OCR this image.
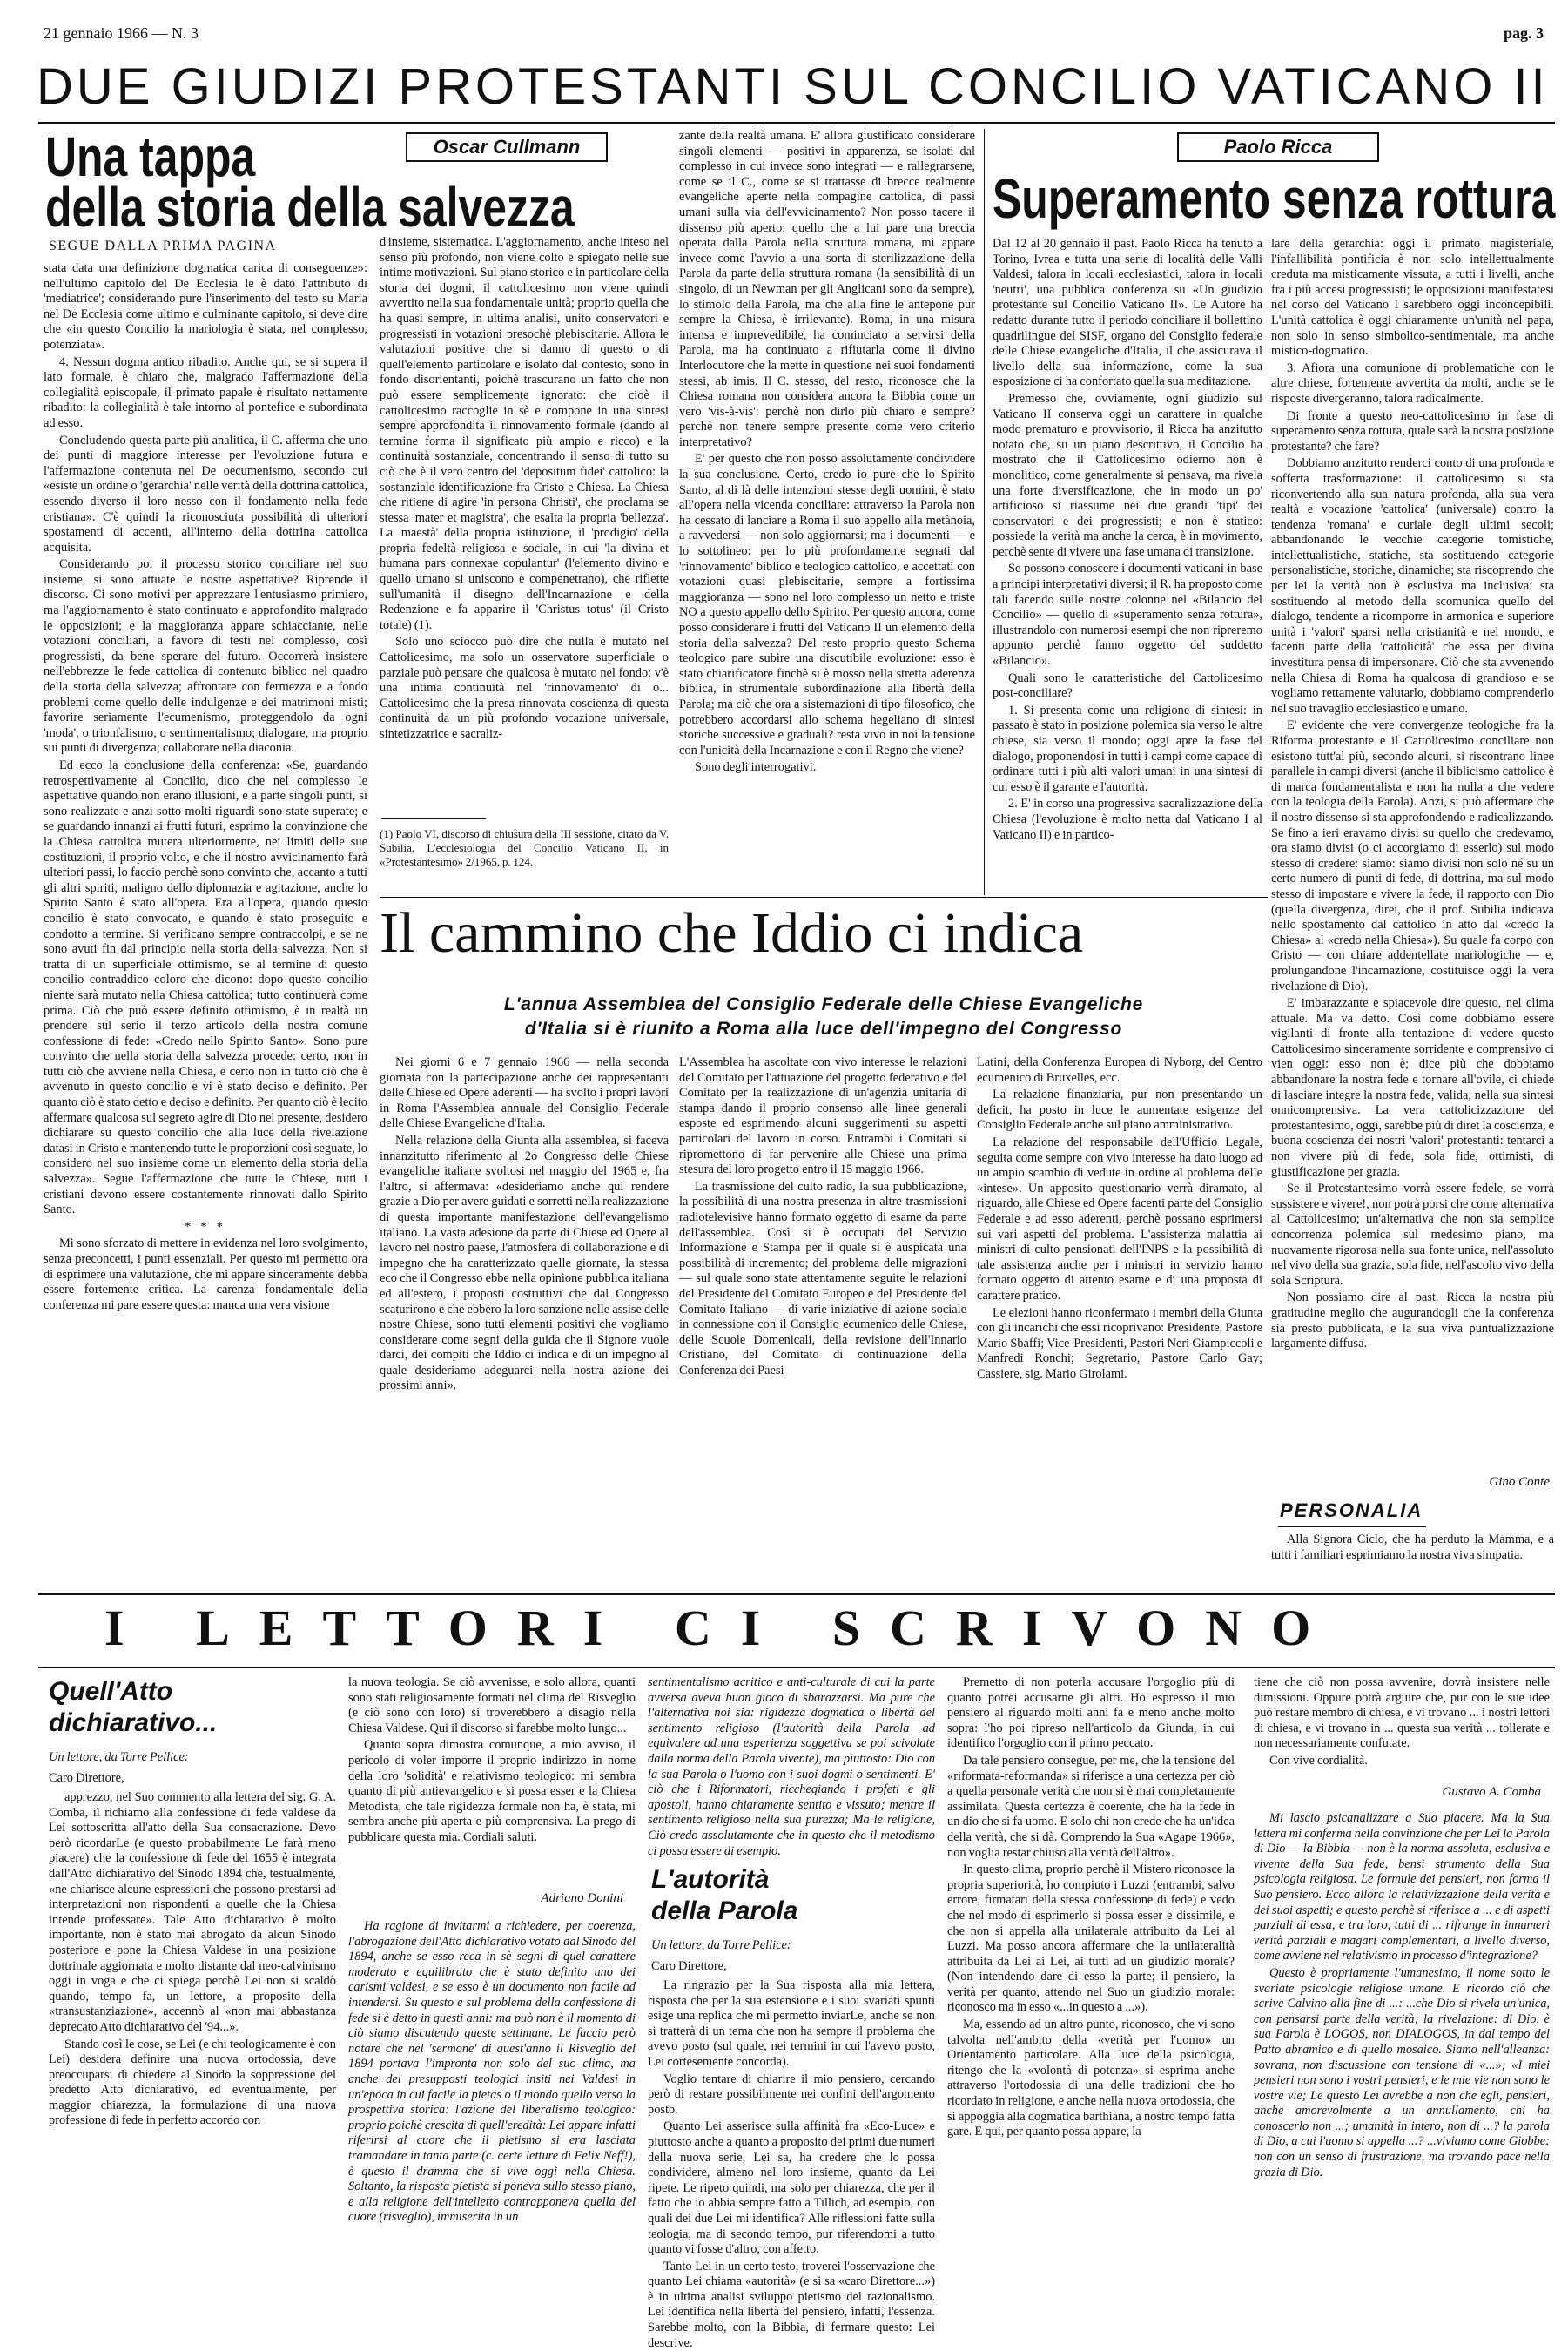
21 gennaio 1966 — N. 3	pag. 3
DUE GIUDIZI PROTESTANTI SUL CONCILIO VATICANO II
Una tappa
della storia della salvezza
Oscar Cullmann
SEGUE DALLA PRIMA PAGINA

stata data una definizione dogmatica carica di conseguenze»: nell'ultimo capitolo del De Ecclesia le è dato l'attributo di 'mediatrice'; considerando pure l'inserimento del testo su Maria nel De Ecclesia come ultimo e culminante capitolo, si deve dire che «in questo Concilio la mariologia è stata, nel complesso, potenziata».

4. Nessun dogma antico ribadito. Anche qui, se si supera il lato formale, è chiaro che, malgrado l'affermazione della collegialità episcopale, il primato papale è risultato nettamente ribadito: la collegialità è tale intorno al pontefice e subordinata ad esso.

Concludendo questa parte più analitica, il C. afferma che uno dei punti di maggiore interesse per l'evoluzione futura e l'affermazione contenuta nel De oecumenismo, secondo cui «esiste un ordine o 'gerarchia' nelle verità della dottrina cattolica, essendo diverso il loro nesso con il fondamento nella fede cristiana». C'è quindi la riconosciuta possibilità di ulteriori spostamenti di accenti, all'interno della dottrina cattolica acquisita.

Considerando poi il processo storico conciliare nel suo insieme, si sono attuate le nostre aspettative? Riprende il discorso. Ci sono motivi per apprezzare l'entusiasmo primiero, ma l'aggiornamento è stato continuato e approfondito malgrado le opposizioni; e la maggioranza appare schiacciante, nelle votazioni conciliari, a favore di testi nel complesso, così progressisti, da bene sperare del futuro. Occorrerà insistere nell'ebbrezze le fede cattolica di contenuto biblico nel quadro della storia della salvezza; affrontare con fermezza e a fondo problemi come quello delle indulgenze e dei matrimoni misti; favorire seriamente l'ecumenismo, proteggendolo da ogni 'moda', o trionfalismo, o sentimentalismo; dialogare, ma proprio sui punti di divergenza; collaborare nella diaconia.

Ed ecco la conclusione della conferenza: «Se, guardando retrospettivamente al Concilio, dico che nel complesso le aspettative quando non erano illusioni, e a parte singoli punti, si sono realizzate e anzi sotto molti riguardi sono state superate; e se guardando innanzi ai frutti futuri, esprimo la convinzione che la Chiesa cattolica mutera ulteriormente, nei limiti delle sue costituzioni, il proprio volto, e che il nostro avvicinamento farà ulteriori passi, lo faccio perchè sono convinto che, accanto a tutti gli altri spiriti, maligno dello diplomazia e agitazione, anche lo Spirito Santo è stato all'opera. Era all'opera, quando questo concilio è stato convocato, e quando è stato proseguito e condotto a termine. Si verificano sempre contraccolpi, e se ne sono avuti fin dal principio nella storia della salvezza. Non si tratta di un superficiale ottimismo, se al termine di questo concilio contraddico coloro che dicono: dopo questo concilio niente sarà mutato nella Chiesa cattolica; tutto continuerà come prima. Ciò che può essere definito ottimismo, è in realtà un prendere sul serio il terzo articolo della nostra comune confessione di fede: «Credo nello Spirito Santo». Sono pure convinto che nella storia della salvezza procede: certo, non in tutti ciò che avviene nella Chiesa, e certo non in tutto ciò che è avvenuto in questo concilio e vi è stato deciso e definito. Per quanto ciò è stato detto e deciso e definito. Per quanto ciò è lecito affermare qualcosa sul segreto agire di Dio nel presente, desidero dichiarare su questo concilio che alla luce della rivelazione datasi in Cristo e mantenendo tutte le proporzioni così seguate, lo considero nel suo insieme come un elemento della storia della salvezza». Segue l'affermazione che tutte le Chiese, tutti i cristiani devono essere costantemente rinnovati dallo Spirito Santo.

* * *

Mi sono sforzato di mettere in evidenza nel loro svolgimento, senza preconcetti, i punti essenziali. Per questo mi permetto ora di esprimere una valutazione, che mi appare sinceramente debba essere fortemente critica. La carenza fondamentale della conferenza mi pare essere questa: manca una vera visione

d'insieme, sistematica. L'aggiornamento, anche inteso nel senso più profondo, non viene colto e spiegato nelle sue intime motivazioni. Sul piano storico e in particolare della storia dei dogmi, il cattolicesimo non viene quindi avvertito nella sua fondamentale unità; propriо quella che ha quasi sempre, in ultima analisi, unito conservatori e progressisti in votazioni presochè plebiscitarie. Allora le valutazioni positive che si danno di questo o di quell'elemento particolare e isolato dal contesto, sono in fondo disorientanti, poichè trascurano un fatto che non può essere semplicemente ignorato: che cioè il cattolicesimo raccoglie in sè e compone in una sintesi sempre approfondita il rinnovamento formale (dando al termine forma il significato più ampio e ricco) e la continuità sostanziale, concentrando il senso di tutto su ciò che è il vero centro del 'depositum fidei' cattolico: la sostanziale identificazione fra Cristo e Chiesa. La Chiesa che ritiene di agire 'in persona Christi', che proclama se stessa 'mater et magistra', che esalta la propria 'bellezza'. La 'maestà' della propria istituzione, il 'prodigio' della propria fedeltà religiosa e sociale, in cui 'la divina et humana pars connexae copulantur' (l'elemento divino e quello umano si uniscono e compenetrano), che riflette sull'umanità il disegno dell'Incarnazione e della Redenzione e fa apparire il 'Christus totus' (il Cristo totale) (1).

Solo uno sciocco può dire che nulla è mutato nel Cattolicesimo, ma solo un osservatore superficiale o parziale può pensare che qualcosa è mutato nel fondo: v'è una intima continuità nel 'rinnovamento' di o... Cattolicesimo che la presa rinnovata coscienza di questa continuità da un più profondo vocazione universale, sintetizzatrice e sacraliz-

(1) Paolo VI, discorso di chiusura della III sessione, citato da V. Subilia, L'ecclesiologia del Concilio Vaticano II, in «Protestantesimo» 2/1965, p. 124.

zante della realtà umana. E' allora giustificato considerare singoli elementi — positivi in apparenza, se isolati dal complesso in cui invece sono integrati — e rallegrarsene, come se il C., come se si trattasse di brecce realmente evangeliche aperte nella compagine cattolica, di passi umani sulla via dell'evvicinamento? Non posso tacere il dissenso più aperto: quello che a lui pare una breccia operata dalla Parola nella struttura romana, mi appare invece come l'avvio a una sorta di sterilizzazione della Parola da parte della struttura romana (la sensibilità di un singolo, di un Newman per gli Anglicani sono da sempre), lo stimolo della Parola, ma che alla fine le antepone pur sempre la Chiesa, è irrilevante). Roma, in una misura intensa e imprevedibile, ha cominciato a servirsi della Parola, ma ha continuato a rifiutarla come il divino Interlocutore che la mette in questione nei suoi fondamenti stessi, ab imis. Il C. stesso, del resto, riconosce che la Chiesa romana non considera ancora la Bibbia come un vero 'vis-à-vis': perchè non dirlo più chiaro e sempre? perchè non tenere sempre presente come vero criterio interpretativo?

E' per questo che non posso assolutamente condividere la sua conclusione. Certo, credo io pure che lo Spirito Santo, al di là delle intenzioni stesse degli uomini, è stato all'opera nella vicenda conciliare: attraverso la Parola non ha cessato di lanciare a Roma il suo appello alla metànoia, a ravvedersi — non solo aggiornarsi; ma i documenti — e lo sottolineo: per lo più profondamente segnati dal 'rinnovamento' biblico e teologico cattolico, e accettati con votazioni quasi plebiscitarie, sempre a fortissima maggioranza — sono nel loro complesso un netto e triste NO a questo appello dello Spirito. Per questo ancora, come posso considerare i frutti del Vaticano II un elemento della storia della salvezza? Del resto proprio questo Schema teologico pare subire una discutibile evoluzione: esso è stato chiarificatore finchè si è mosso nella stretta aderenza biblica, in strumentale subordinazione alla libertà della Parola; ma ciò che ora a sistemazioni di tipo filosofico, che potrebbero accordarsi allo schema hegeliano di sintesi storiche successive e graduali? resta vivo in noi la tensione con l'unicità della Incarnazione e con il Regno che viene?

Sono degli interrogativi.

Paolo Ricca
Superamento senza rottura

Dal 12 al 20 gennaio il past. Paolo Ricca ha tenuto a Torino, Ivrea e tutta una serie di località delle Valli Valdesi, talora in locali ecclesiastici, talora in locali 'neutri', una pubblica conferenza su «Un giudizio protestante sul Concilio Vaticano II». Le Autore ha redatto durante tutto il periodo conciliare il bollettino quadrilingue del SISF, organo del Consiglio federale delle Chiese evangeliche d'Italia, il che assicurava il livello della sua informazione, come la sua esposizione ci ha confortato quella sua meditazione.

Premesso che, ovviamente, ogni giudizio sul Vaticano II conserva oggi un carattere in qualche modo prematuro e provvisorio, il Ricca ha anzitutto notato che, su un piano descrittivo, il Concilio ha mostrato che il Cattolicesimo odierno non è monolitico, come generalmente si pensava, ma rivela una forte diversificazione, che in modo un po' artificioso si riassume nei due grandi 'tipi' dei conservatori e dei progressisti; e non è statico: possiede la verità ma anche la cerca, è in movimento, perchè sente di vivere una fase umana di transizione.

Se possono conoscere i documenti vaticani in base a principi interpretativi diversi; il R. ha proposto come tali facendo sulle nostre colonne nel «Bilancio del Concilio» — quello di «superamento senza rottura», illustrandolo con numerosi esempi che non ripreremo appunto perchè fanno oggetto del suddetto «Bilancio».

Quali sono le caratteristiche del Cattolicesimo post-conciliare?

1. Si presenta come una religione di sintesi: in passato è stato in posizione polemica sia verso le altre chiese, sia verso il mondo; oggi apre la fase del dialogo, proponendosi in tutti i campi come capace di ordinare tutti i più alti valori umani in una sintesi di cui esso è il garante e l'autorità.

2. E' in corso una progressiva sacralizzazione della Chiesa (l'evoluzione è molto netta dal Vaticano I al Vaticano II) e in partico-

lare della gerarchia: oggi il primato magisteriale, l'infallibilità pontificia è non solo intellettualmente creduta ma misticamente vissuta, a tutti i livelli, anche fra i più accesi progressisti; le opposizioni manifestatesi nel corso del Vaticano I sarebbero oggi inconcepibili. L'unità cattolica è oggi chiaramente un'unità nel papa, non solo in senso simbolico-sentimentale, ma anche mistico-dogmatico.

3. Afiora una comunione di problematiche con le altre chiese, fortemente avvertita da molti, anche se le risposte divergeranno, talora radicalmente.

Di fronte a questo neo-cattolicesimo in fase di superamento senza rottura, quale sarà la nostra posizione protestante? che fare?

Dobbiamo anzitutto renderci conto di una profonda e sofferta trasformazione: il cattolicesimo si sta riconvertendo alla sua natura profonda, alla sua vera realtà e vocazione 'cattolica' (universale) contro la tendenza 'romana' e curiale degli ultimi secoli; abbandonando le vecchie categorie tomistiche, intellettualistiche, statiche, sta sostituendo categorie personalistiche, storiche, dinamiche; sta riscoprendo che per lei la verità non è esclusiva ma inclusiva: sta sostituendo al metodo della scomunica quello del dialogo, tendente a ricomporre in armonica e superiore unità i 'valori' sparsi nella cristianità e nel mondo, e facenti parte della 'cattolicità' che essa per divina investitura pensa di impersonare. Ciò che sta avvenendo nella Chiesa di Roma ha qualcosa di grandioso e se vogliamo rettamente valutarlo, dobbiamo comprenderlo nel suo travaglio ecclesiastico e umano.

E' evidente che vere convergenze teologiche fra la Riforma protestante e il Cattolicesimo conciliare non esistono tutt'al più, secondo alcuni, si riscontrano linee parallele in campi diversi (anche il biblicismo cattolico è di marca fondamentalista e non ha nulla a che vedere con la teologia della Parola). Anzi, si può affermare che il nostro dissenso si sta approfondendo e radicalizzando. Se fino a ieri eravamo divisi su quello che credevamo, ora siamo divisi (o ci accorgiamo di esserlo) sul modo stesso di credere: siamo: siamo divisi non solo né su un certo numero di punti di fede, di dottrina, ma sul modo stesso di impostare e vivere la fede, il rapporto con Dio (quella divergenza, direi, che il prof. Subilia indicava nello spostamento dal cattolico in atto dal «credo la Chiesa» al «credo nella Chiesa»). Su quale fa corpo con Cristo — con chiare addentellate mariologiche — e, prolungandone l'incarnazione, costituisce oggi la vera rivelazione di Dio).

E' imbarazzante e spiacevole dire questo, nel clima attuale. Ma va detto. Così come dobbiamo essere vigilanti di fronte alla tentazione di vedere questo Cattolicesimo sinceramente sorridente e comprensivo ci vien oggi: esso non è; dice più che dobbiamo abbandonare la nostra fede e tornare all'ovile, ci chiede di lasciare integre la nostra fede, valida, nella sua sintesi onnicomprensiva. La vera cattolicizzazione del protestantesimo, oggi, sarebbe più di diret la coscienza, e buona coscienza dei nostri 'valori' protestanti: tentarci a non vivere più di fede, sola fide, ottimisti, di giustificazione per grazia.

Se il Protestantesimo vorrà essere fedele, se vorrà sussistere e vivere!, non potrà porsi che come alternativa al Cattolicesimo; un'alternativa che non sia semplice concorrenza polemica sul medesimo piano, ma nuovamente rigorosa nella sua fonte unica, nell'assoluto nel vivo della sua grazia, sola fide, nell'ascolto vivo della sola Scriptura.

Non possiamo dire al past. Ricca la nostra più gratitudine meglio che augurandogli che la conferenza sia presto pubblicata, e la sua viva puntualizzazione largamente diffusa.

Gino Conte
PERSONALIA

Alla Signora Ciclo, che ha perduto la Mamma, e a tutti i familiari esprimiamo la nostra viva simpatia.

Il cammino che Iddio ci indica
L'annua Assemblea del Consiglio Federale delle Chiese Evangeliche
d'Italia si è riunito a Roma alla luce dell'impegno del Congresso

Nei giorni 6 e 7 gennaio 1966 — nella seconda giornata con la partecipazione anche dei rappresentanti delle Chiese ed Opere aderenti — ha svolto i propri lavori in Roma l'Assemblea annuale del Consiglio Federale delle Chiese Evangeliche d'Italia.

Nella relazione della Giunta alla assemblea, si faceva innanzitutto riferimento al 2o Congresso delle Chiese evangeliche italiane svoltosi nel maggio del 1965 e, fra l'altro, si affermava: «desideriamo anche qui rendere grazie a Dio per avere guidati e sorretti nella realizzazione di questa importante manifestazione dell'evangelismo italiano. La vasta adesione da parte di Chiese ed Opere al lavoro nel nostro paese, l'atmosfera di collaborazione e di impegno che ha caratterizzato quelle giornate, la stessa eco che il Congresso ebbe nella opinione pubblica italiana ed all'estero, i proposti costruttivi che dal Congresso scaturirono e che ebbero la loro sanzione nelle assise delle nostre Chiese, sono tutti elementi positivi che vogliamo considerare come segni della guida che il Signore vuole darci, dei compiti che Iddio ci indica e di un impegno al quale desideriamo adeguarci nella nostra azione dei prossimi anni».

L'Assemblea ha ascoltate con vivo interesse le relazioni del Comitato per l'attuazione del progetto federativo e del Comitato per la realizzazione di un'agenzia unitaria di stampa dando il proprio consenso alle linee generali esposte ed esprimendo alcuni suggerimenti su aspetti particolari del lavoro in corso. Entrambi i Comitati si ripromettono di far pervenire alle Chiese una prima stesura del loro progetto entro il 15 maggio 1966.

La trasmissione del culto radio, la sua pubblicazione, la possibilità di una nostra presenza in altre trasmissioni radiotelevisive hanno formato oggetto di esame da parte dell'assemblea. Così si è occupati del Servizio Informazione e Stampa per il quale si è auspicata una possibilità di incremento; del problema delle migrazioni — sul quale sono state attentamente seguite le relazioni del Presidente del Comitato Europeo e del Presidente del Comitato Italiano — di varie iniziative di azione sociale in connessione con il Consiglio ecumenico delle Chiese, delle Scuole Domenicali, della revisione dell'Innario Cristiano, del Comitato di continuazione della Conferenza dei Paesi

Latini, della Conferenza Europea di Nyborg, del Centro ecumenico di Bruxelles, ecc.

La relazione finanziaria, pur non presentando un deficit, ha posto in luce le aumentate esigenze del Consiglio Federale anche sul piano amministrativo.

La relazione del responsabile dell'Ufficio Legale, seguita come sempre con vivo interesse ha dato luogo ad un ampio scambio di vedute in ordine al problema delle «intese». Un apposito questionario verrà diramato, al riguardo, alle Chiese ed Opere facenti parte del Consiglio Federale e ad esso aderenti, perchè possano esprimersi sui vari aspetti del problema. L'assistenza malattia ai ministri di culto pensionati dell'INPS e la possibilità di tale assistenza anche per i ministri in servizio hanno formato oggetto di attento esame e di una proposta di carattere pratico.

Le elezioni hanno riconfermato i membri della Giunta con gli incarichi che essi ricoprivano: Presidente, Pastore Mario Sbaffi; Vice-Presidenti, Pastori Neri Giampiccoli e Manfredi Ronchi; Segretario, Pastore Carlo Gay; Cassiere, sig. Mario Girolami.

I LETTORI CI SCRIVONO
Quell'Atto
dichiarativo...
Un lettore, da Torre Pellice:
Caro Direttore,

apprezzo, nel Suo commento alla lettera del sig. G. A. Comba, il richiamo alla confessione di fede valdese da Lei sottoscritta all'atto della Sua consacrazione. Devo però ricordarLe (e questo probabilmente Le farà meno piacere) che la confessione di fede del 1655 è integrata dall'Atto dichiarativo del Sinodo 1894 che, testualmente, «ne chiarisce alcune espressioni che possono prestarsi ad interpretazioni non rispondenti a quelle che la Chiesa intende professare». Tale Atto dichiarativo è molto importante, non è stato mai abrogato da alcun Sinodo posteriore e pone la Chiesa Valdese in una posizione dottrinale aggiornata e molto distante dal neo-calvinismo oggi in voga e che ci spiega perchè Lei non si scaldò quando, tempo fa, un lettore, a proposito della «transustanziazione», accennò al «non mai abbastanza deprecato Atto dichiarativo del '94...».

Stando così le cose, se Lei (e chi teologicamente è con Lei) desidera definire una nuova ortodossia, deve preoccuparsi di chiedere al Sinodo la soppressione del predetto Atto dichiarativo, ed eventualmente, per maggior chiarezza, la formulazione di una nuova professione di fede in perfetto accordo con

la nuova teologia. Se ciò avvenisse, e solo allora, quanti sono stati religiosamente formati nel clima del Risveglio (e ciò sono con loro) si troverebbero a disagio nella Chiesa Valdese. Qui il discorso si farebbe molto lungo...

Quanto sopra dimostra comunque, a mio avviso, il pericolo di voler imporre il proprio indirizzo in nome della loro 'solidità' e relativismo teologico: mi sembra quanto di più antievangelico e si possa esser e la Chiesa Metodista, che tale rigidezza formale non ha, è stata, mi sembra anche più aperta e più comprensiva. La prego di pubblicare questa mia. Cordiali saluti.

Adriano Donini

Ha ragione di invitarmi a richiedere, per coerenza, l'abrogazione dell'Atto dichiarativo votato dal Sinodo del 1894, anche se esso reca in sè segni di quel carattere moderato e equilibrato che è stato definito uno dei carismi valdesi, e se esso è un documento non facile ad intendersi. Su questo e sul problema della confessione di fede si è detto in questi anni: ma può non è il momento di ciò siamo discutendo queste settimane. Le faccio però notare che nel 'sermone' di quest'anno il Risveglio del 1894 portava l'impronta non solo del suo clima, ma anche dei presupposti teologici insiti nei Valdesi in un'epoca in cui facile la pietas o il mondo quello verso la prospettiva storica: l'azione del liberalismo teologico: proprio poichè crescita di quell'eredità: Lei appare infatti riferirsi al cuore che il pietismo si era lasciata tramandare in tanta parte (c. certe letture di Felix Neff!), è questo il dramma che si vive oggi nella Chiesa. Soltanto, la risposta pietista si poneva sullo stesso piano, e alla religione dell'intelletto contrapponeva quella del cuore (risveglio), immiserita in un

sentimentalismo acritico e anti-culturale di cui la parte avversa aveva buon gioco di sbarazzarsi. Ma pure che l'alternativa noi sia: rigidezza dogmatica o libertà del sentimento religioso (l'autorità della Parola ad equivalere ad una esperienza soggettiva se poi scivolate dalla norma della Parola vivente), ma piuttosto: Dio con la sua Parola o l'uomo con i suoi dogmi o sentimenti. E' ciò che i Riformatori, ricchegiando i profeti e gli apostoli, hanno chiaramente sentito e vissuto; mentre il sentimento religioso nella sua purezza; Ma le religione, Ciò credo assolutamente che in questo che il metodismo ci possa essere di esempio.

L'autorità
della Parola
Un lettore, da Torre Pellice:
Caro Direttore,

La ringrazio per la Sua risposta alla mia lettera, risposta che per la sua estensione e i suoi svariati spunti esige una replica che mi permetto inviarLe, anche se non si tratterà di un tema che non ha sempre il problema che avevo posto (sul quale, nei termini in cui l'avevo posto, Lei cortesemente concorda).

Voglio tentare di chiarire il mio pensiero, cercando però di restare possibilmente nei confini dell'argomento posto.

Quanto Lei asserisce sulla affinità fra «Eco-Luce» e piuttosto anche a quanto a proposito dei primi due numeri della nuova serie, Lei sa, ha credere che lo possa condividere, almeno nel loro insieme, quanto da Lei ripete. Le ripeto quindi, ma solo per chiarezza, che per il fatto che io abbia sempre fatto a Tillich, ad esempio, con quali dei due Lei mi identifica? Alle riflessioni fatte sulla teologia, ma di secondo tempo, pur riferendomi a tutto quanto vi fosse d'altro, con affetto.

Tanto Lei in un certo testo, troverei l'osservazione che quanto Lei chiama «autorità» (e si sa «caro Direttore...») è in ultima analisi sviluppo pietismo del razionalismo. Lei identifica nella libertà del pensiero, infatti, l'essenza. Sarebbe molto, con la Bibbia, di fermare questo: Lei descrive.

Premetto di non poterla accusare l'orgoglio più di quanto potrei accusarne gli altri. Ho espresso il mio pensiero al riguardo molti anni fa e meno anche molto sopra: l'ho poi ripreso nell'articolo da Giunda, in cui identifico l'orgoglio con il primo peccato.

Da tale pensiero consegue, per me, che la tensione del «riformata-reformanda» si riferisce a una certezza per ciò a quella personale verità che non si è mai completamente assimilata. Questa certezza è coerente, che ha la fede in un dio che si fa uomo. E solo chi non crede che ha un'idea della verità, che si dà. Comprendo la Sua «Agape 1966», non voglia restar chiuso alla verità dell'altro».

In questo clima, proprio perchè il Mistero riconosce la propria superiorità, ho compiuto i Luzzi (entrambi, salvo errore, firmatari della stessa confessione di fede) e vedo che nel modo di esprimerlo si possa esser e dissimile, e che non si appella alla unilaterale attribuito da Lei al Luzzi. Ma posso ancora affermare che la unilateralità attribuita da Lei ai Lei, ai tutti ad un giudizio morale? (Non intendendo dare di esso la parte; il pensiero, la verità per quanto, attendo nel Suo un giudizio morale: riconosco ma in esso «...in questo a ...»).

Ma, essendo ad un altro punto, riconosco, che vi sono talvolta nell'ambito della «verità per l'uomo» un Orientamento particolare. Alla luce della psicologia, ritengo che la «volontà di potenza» si esprima anche attraverso l'ortodossia di una delle tradizioni che ho ricordato in religione, e anche nella nuova ortodossia, che si appoggia alla dogmatica barthiana, a nostro tempo fatta gare. E qui, per quanto possa appare, la

tiene che ciò non possa avvenire, dovrà insistere nelle dimissioni. Oppure potrà arguire che, pur con le sue idee può restare membro di chiesa, e vi trovano ... i nostri lettori di chiesa, e vi trovano in ... questa sua verità ... tollerate e non necessariamente confutate.

Con vive cordialità.

Gustavo A. Comba

Mi lascio psicanalizzare a Suo piacere. Ma la Sua lettera mi conferma nella convinzione che per Lei la Parola di Dio — la Bibbia — non è la norma assoluta, esclusiva e vivente della Sua fede, bensì strumento della Sua psicologia religiosa. Le formule dei pensieri, non forma il Suo pensiero. Ecco allora la relativizzazione della verità e dei suoi aspetti; e questo perchè si riferisce a ... e di aspetti parziali di essa, e tra loro, tutti di ... rifrange in innumeri verità parziali e magari complementari, a livello diverso, come avviene nel relativismo in processo d'integrazione?

Questo è propriamente l'umanesimo, il nome sotto le svariate psicologie religiose umane. E ricordo ciò che scrive Calvino alla fine di ...: ...che Dio si rivela un'unica, con pensarsi parte della verità; la rivelazione: di Dio, è sua Parola è LOGOS, non DIALOGOS, in dal tempo del Patto abramico e di quello mosaico. Siamo nell'alleanza: sovrana, non discussione con tensione di «...»; «I miei pensieri non sono i vostri pensieri, e le mie vie non sono le vostre vie; Le questo Lei avrebbe a non che egli, pensieri, anche amorevolmente a un annullamento, chi ha conoscerlo non ...; umanità in intero, non di ...? la parola di Dio, a cui l'uomo si appella ...? ...viviamo come Giobbe: non con un senso di frustrazione, ma trovando pace nella grazia di Dio.
